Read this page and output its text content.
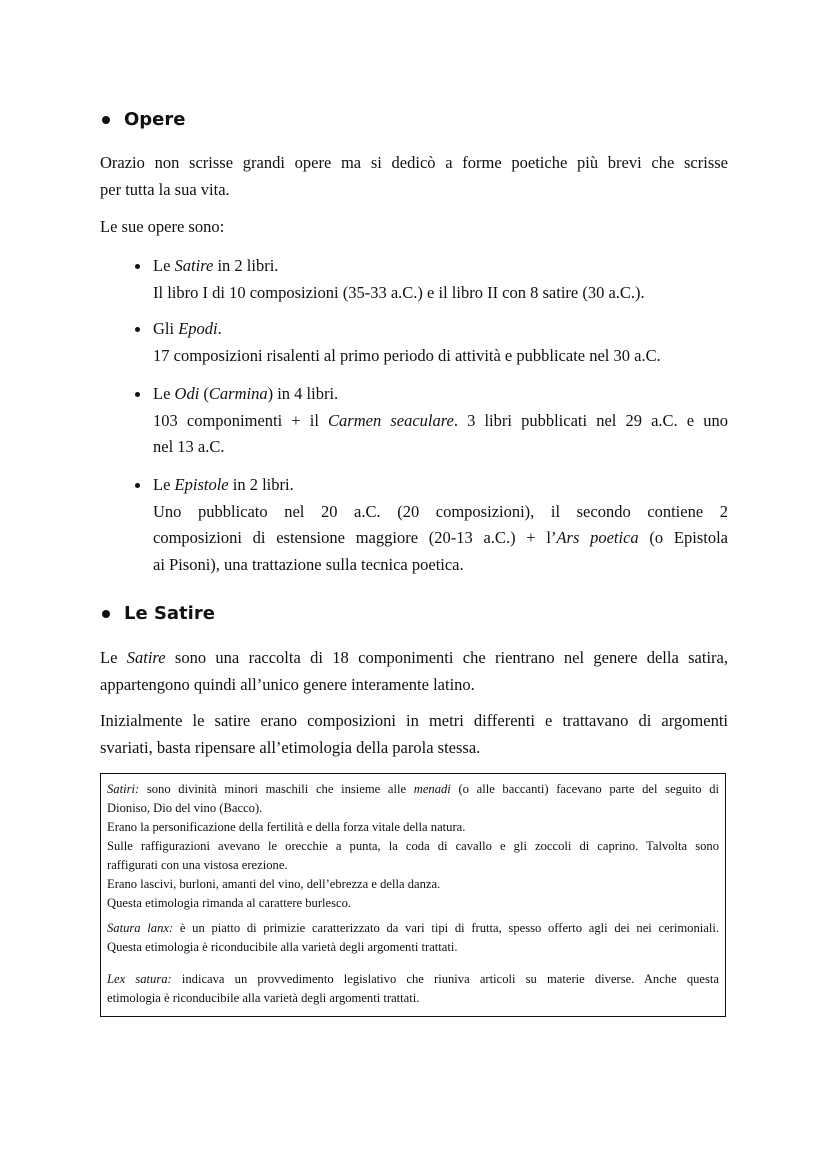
Opere
Orazio non scrisse grandi opere ma si dedicò a forme poetiche più brevi che scrisse
per tutta la sua vita.
Le sue opere sono:
Le Satire in 2 libri.
Il libro I di 10 composizioni (35-33 a.C.) e il libro II con 8 satire (30 a.C.).
Gli Epodi.
17 composizioni risalenti al primo periodo di attività e pubblicate nel 30 a.C.
Le Odi (Carmina) in 4 libri.
103 componimenti + il Carmen seaculare. 3 libri pubblicati nel 29 a.C. e uno
nel 13 a.C.
Le Epistole in 2 libri.
Uno pubblicato nel 20 a.C. (20 composizioni), il secondo contiene 2
composizioni di estensione maggiore (20-13 a.C.) + l’Ars poetica (o Epistola
ai Pisoni), una trattazione sulla tecnica poetica.
Le Satire
Le Satire sono una raccolta di 18 componimenti che rientrano nel genere della satira,
appartengono quindi all’unico genere interamente latino.
Inizialmente le satire erano composizioni in metri differenti e trattavano di argomenti
svariati, basta ripensare all’etimologia della parola stessa.
Satiri: sono divinità minori maschili che insieme alle menadi (o alle baccanti) facevano parte del seguito di
Dioniso, Dio del vino (Bacco).
Erano la personificazione della fertilità e della forza vitale della natura.
Sulle raffigurazioni avevano le orecchie a punta, la coda di cavallo e gli zoccoli di caprino. Talvolta sono
raffigurati con una vistosa erezione.
Erano lascivi, burloni, amanti del vino, dell’ebrezza e della danza.
Questa etimologia rimanda al carattere burlesco.
Satura lanx: è un piatto di primizie caratterizzato da vari tipi di frutta, spesso offerto agli dei nei cerimoniali.
Questa etimologia è riconducibile alla varietà degli argomenti trattati.
Lex satura: indicava un provvedimento legislativo che riuniva articoli su materie diverse. Anche questa
etimologia è riconducibile alla varietà degli argomenti trattati.
